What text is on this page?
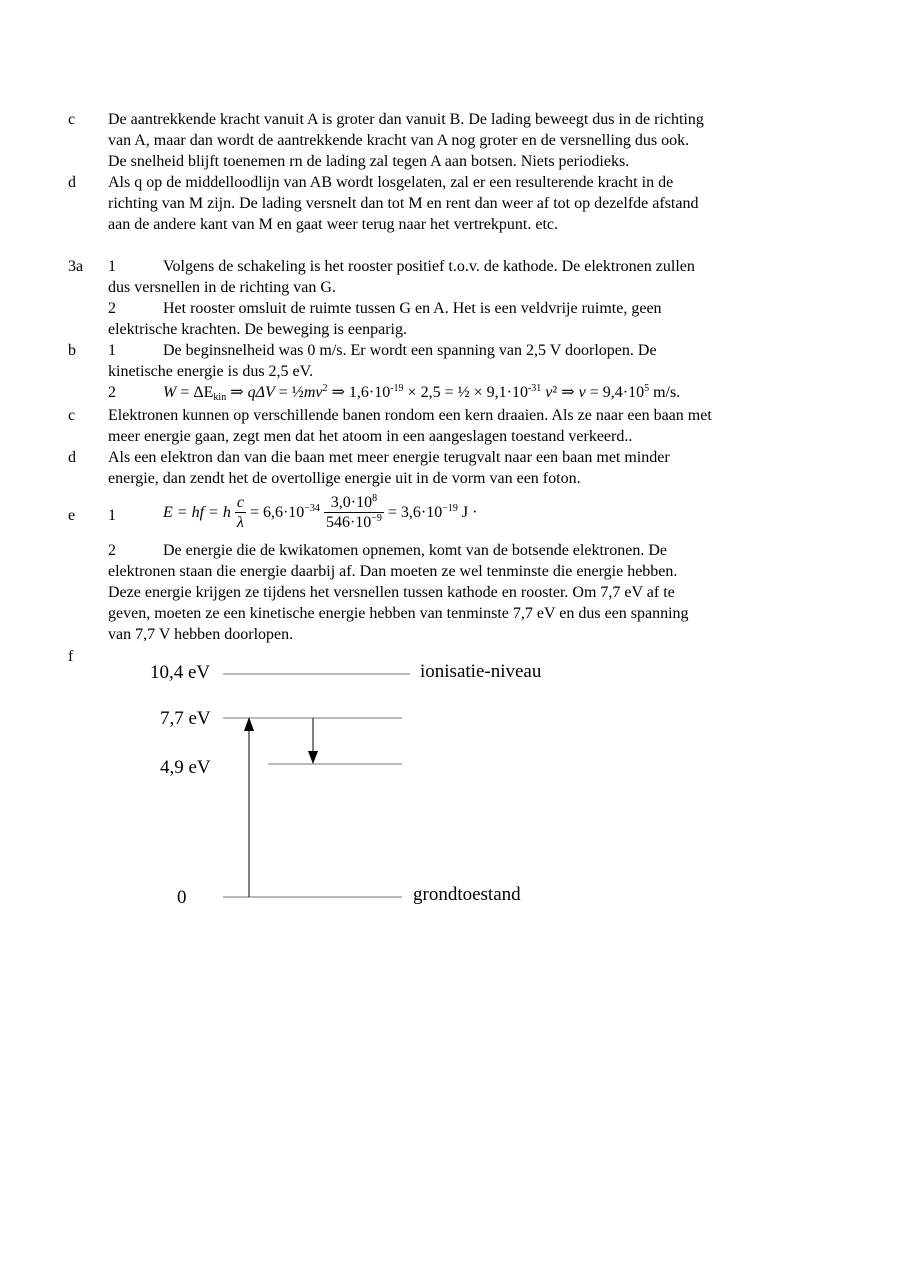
c De aantrekkende kracht vanuit A is groter dan vanuit B. De lading beweegt dus in de richting
van A, maar dan wordt de aantrekkende kracht van A nog groter en de versnelling dus ook.
De snelheid blijft toenemen rn de lading zal tegen A aan botsen. Niets periodieks.
d Als q op de middelloodlijn van AB wordt losgelaten, zal er een resulterende kracht in de
richting van M zijn. De lading versnelt dan tot M en rent dan weer af tot op dezelfde afstand
aan de andere kant van M en gaat weer terug naar het vertrekpunt. etc.
3a 1	Volgens de schakeling is het rooster positief t.o.v. de kathode. De elektronen zullen
dus versnellen in de richting van G.
2	Het rooster omsluit de ruimte tussen G en A. Het is een veldvrije ruimte, geen
elektrische krachten. De beweging is eenparig.
b 1	De beginsnelheid was 0 m/s. Er wordt een spanning van 2,5 V doorlopen. De
kinetische energie is dus 2,5 eV.
2	$W = \Delta E_{kin}$ ⇒ $q\Delta V = \frac{1}{2}mv^2$ ⇒ $1,6\cdot 10^{-19} \times 2,5$ = ½ × $9,1\cdot 10^{-31}$ v² ⇒ $v = 9,4\cdot 10^5$ m/s.
c Elektronen kunnen op verschillende banen rondom een kern draaien. Als ze naar een baan met
meer energie gaan, zegt men dat het atoom in een aangeslagen toestand verkeerd..
d Als een elektron dan van die baan met meer energie terugvalt naar een baan met minder
energie, dan zendt het de overtollige energie uit in de vorm van een foton.
e 1	E = hf = h $\frac{c}{\lambda} = 6,6\cdot 10^{-34} \frac{3,0\cdot 10^8}{546\cdot 10^{-9}} = 3,6\cdot 10^{-19}$ J ·
2	De energie die de kwikatomen opnemen, komt van de botsende elektronen. De
elektronen staan die energie daarbij af. Dan moeten ze wel tenminste die energie hebben.
Deze energie krijgen ze tijdens het versnellen tussen kathode en rooster. Om 7,7 eV af te
geven, moeten ze een kinetische energie hebben van tenminste 7,7 eV en dus een spanning
van 7,7 V hebben doorlopen.
f
10,4 eV	ionisatie-niveau
7,7 eV
4,9 eV
0	grondtoestand
